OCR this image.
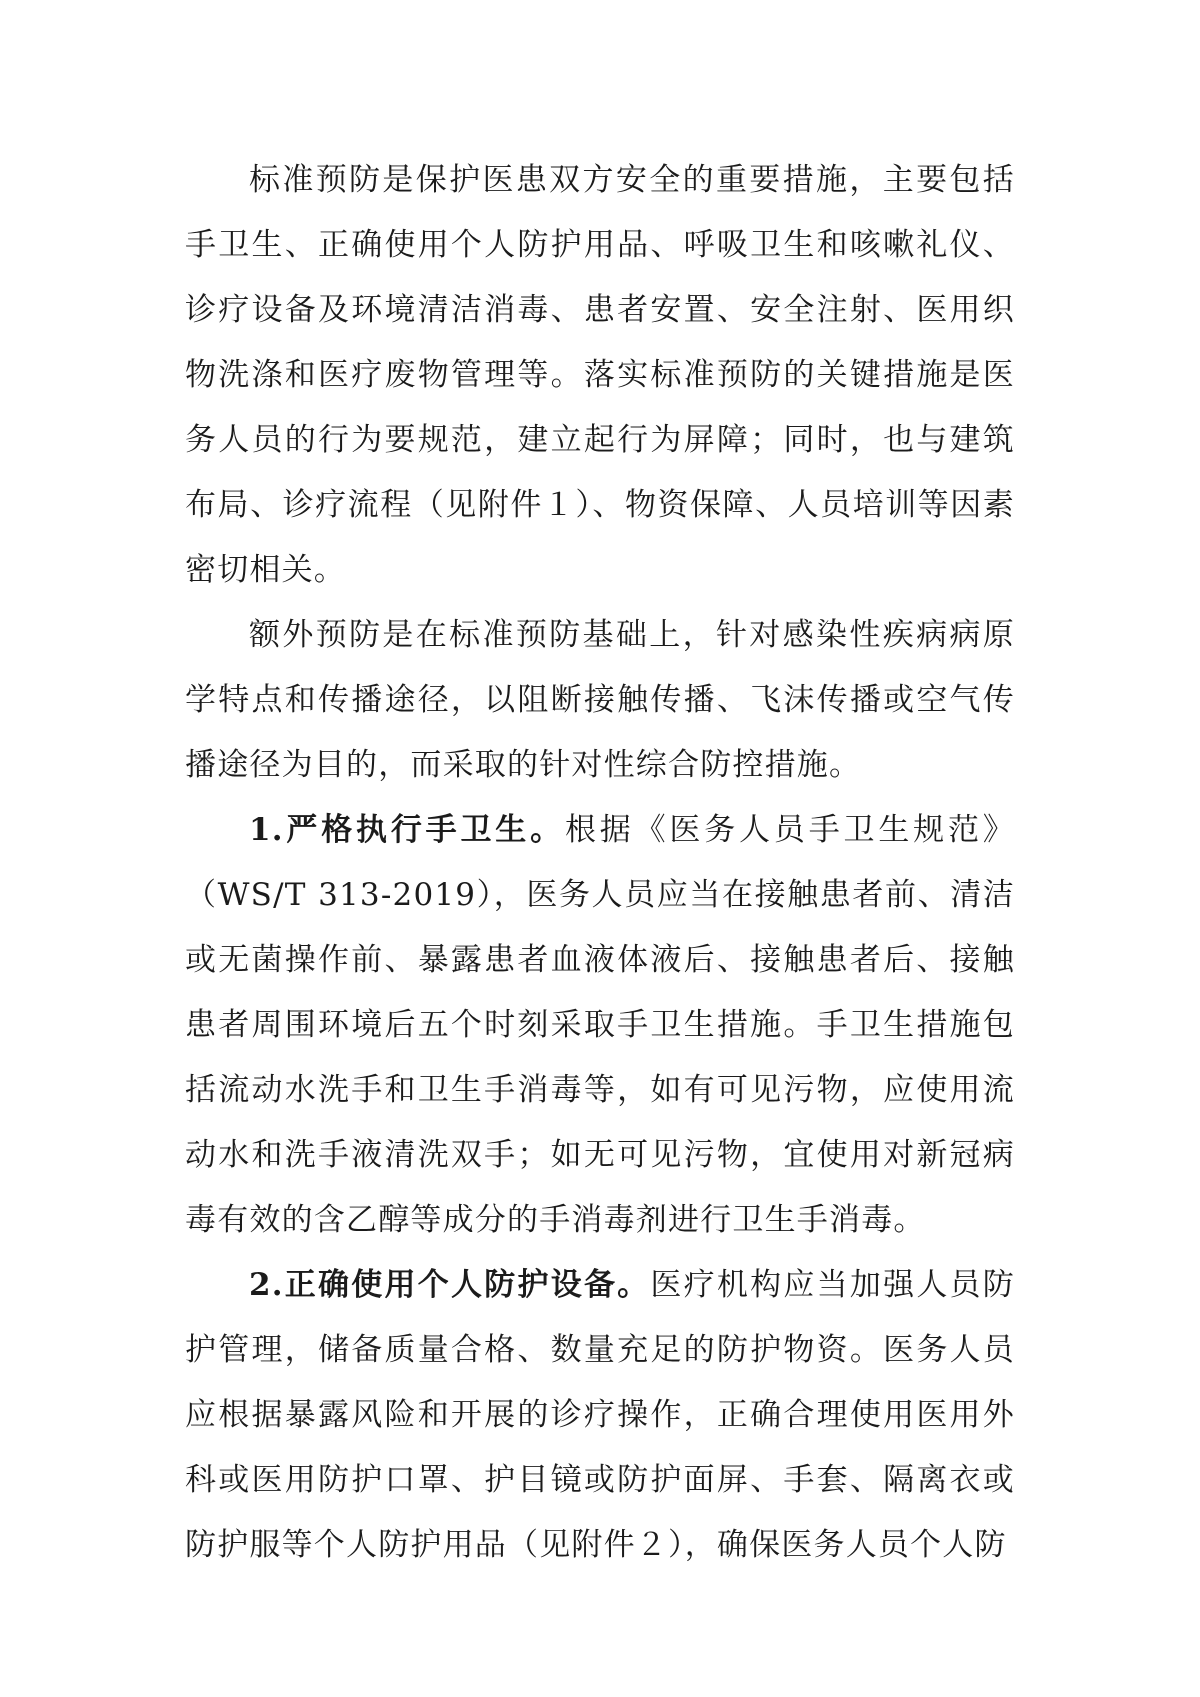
标准预防是保护医患双方安全的重要措施，主要包括手卫生、正确使用个人防护用品、呼吸卫生和咳嗽礼仪、诊疗设备及环境清洁消毒、患者安置、安全注射、医用织物洗涤和医疗废物管理等。落实标准预防的关键措施是医务人员的行为要规范，建立起行为屏障；同时，也与建筑布局、诊疗流程（见附件１）、物资保障、人员培训等因素密切相关。

额外预防是在标准预防基础上，针对感染性疾病病原学特点和传播途径，以阻断接触传播、飞沫传播或空气传播途径为目的，而采取的针对性综合防控措施。

1.严格执行手卫生。根据《医务人员手卫生规范》（WS/T 313-2019），医务人员应当在接触患者前、清洁或无菌操作前、暴露患者血液体液后、接触患者后、接触患者周围环境后五个时刻采取手卫生措施。手卫生措施包括流动水洗手和卫生手消毒等，如有可见污物，应使用流动水和洗手液清洗双手；如无可见污物，宜使用对新冠病毒有效的含乙醇等成分的手消毒剂进行卫生手消毒。

2.正确使用个人防护设备。医疗机构应当加强人员防护管理，储备质量合格、数量充足的防护物资。医务人员应根据暴露风险和开展的诊疗操作，正确合理使用医用外科或医用防护口罩、护目镜或防护面屏、手套、隔离衣或防护服等个人防护用品（见附件２），确保医务人员个人防
